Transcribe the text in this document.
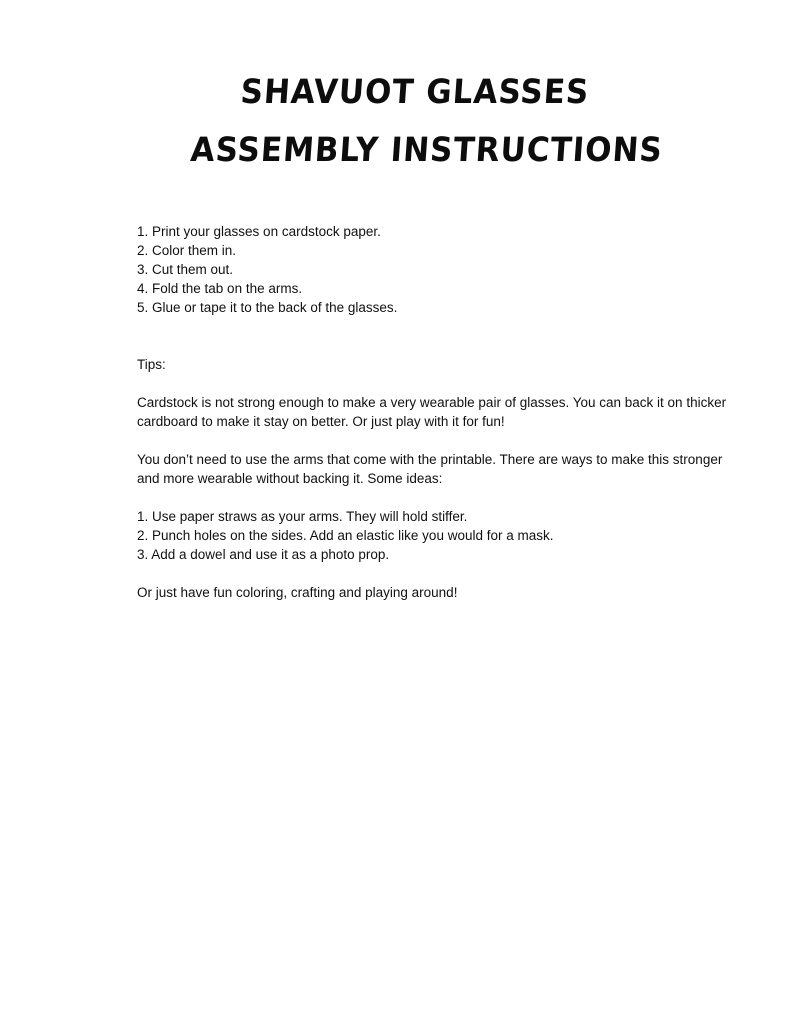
SHAVUOT GLASSES
ASSEMBLY INSTRUCTIONS
1. Print your glasses on cardstock paper.
2. Color them in.
3. Cut them out.
4. Fold the tab on the arms.
5. Glue or tape it to the back of the glasses.
Tips:
Cardstock is not strong enough to make a very wearable pair of glasses. You can back it on thicker cardboard to make it stay on better. Or just play with it for fun!
You don’t need to use the arms that come with the printable. There are ways to make this stronger and more wearable without backing it. Some ideas:
1. Use paper straws as your arms. They will hold stiffer.
2. Punch holes on the sides. Add an elastic like you would for a mask.
3. Add a dowel and use it as a photo prop.
Or just have fun coloring, crafting and playing around!
